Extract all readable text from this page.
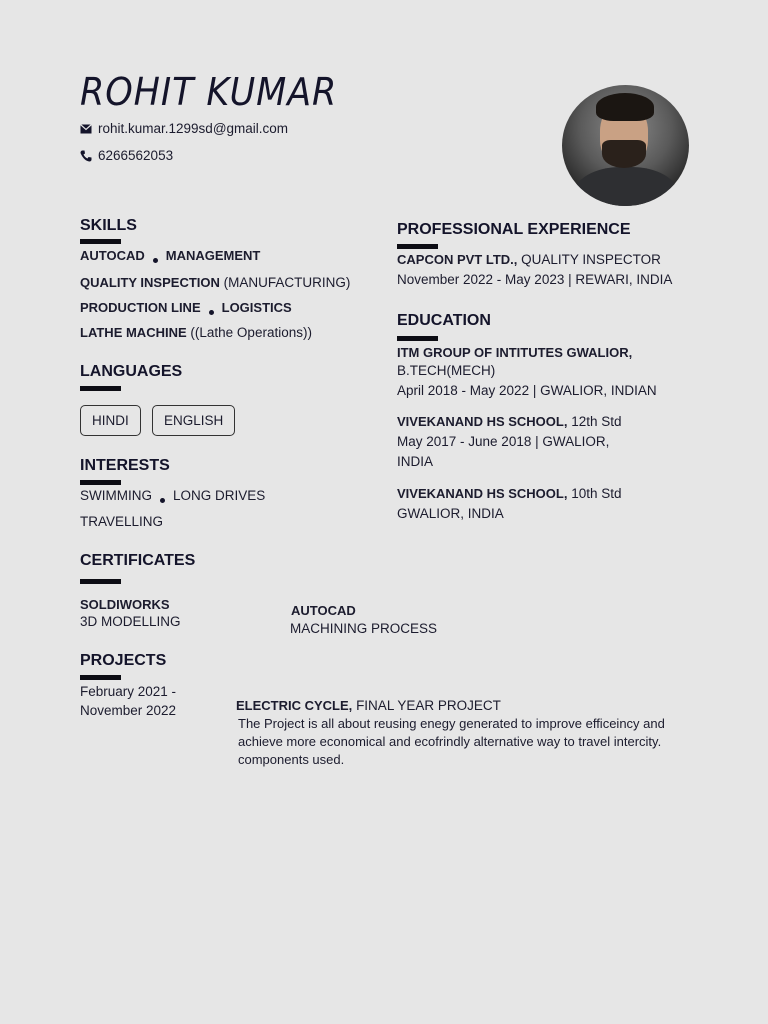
ROHIT KUMAR
rohit.kumar.1299sd@gmail.com
6266562053
SKILLS
AUTOCAD MANAGEMENT
QUALITY INSPECTION (MANUFACTURING)
PRODUCTION LINE LOGISTICS
LATHE MACHINE ((Lathe Operations))
LANGUAGES
HINDI	ENGLISH
INTERESTS
SWIMMING LONG DRIVES
TRAVELLING
CERTIFICATES
SOLDIWORKS
3D MODELLING
AUTOCAD
MACHINING PROCESS
PROJECTS
February 2021 -
November 2022	ELECTRIC CYCLE, FINAL YEAR PROJECT
The Project is all about reusing enegy generated to improve efficeincy and
achieve more economical and ecofrindly alternative way to travel intercity.
components used.
PROFESSIONAL EXPERIENCE
CAPCON PVT LTD., QUALITY INSPECTOR
November 2022 - May 2023 | REWARI, INDIA
EDUCATION
ITM GROUP OF INTITUTES GWALIOR,
B.TECH(MECH)
April 2018 - May 2022 | GWALIOR, INDIAN
VIVEKANAND HS SCHOOL, 12th Std
May 2017 - June 2018 | GWALIOR,
INDIA
VIVEKANAND HS SCHOOL, 10th Std
GWALIOR, INDIA
